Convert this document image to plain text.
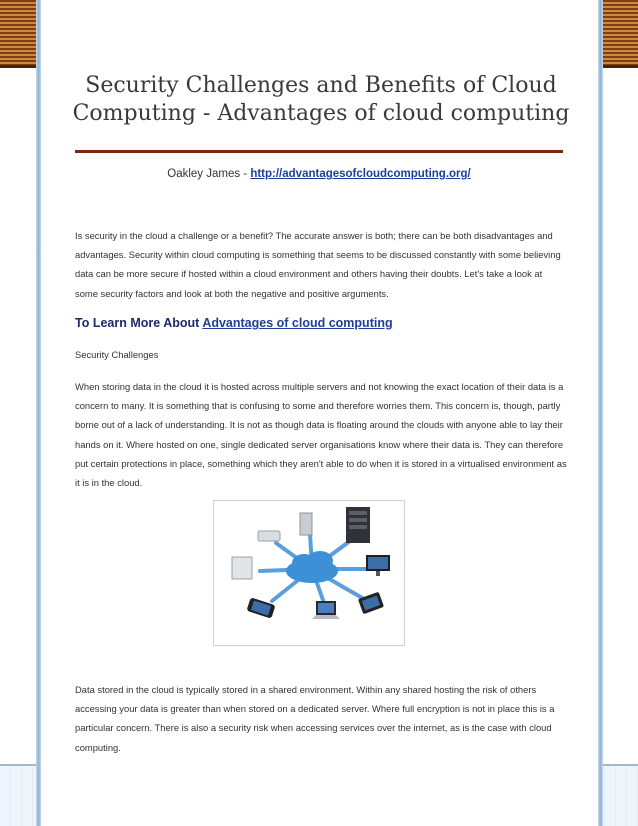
Security Challenges and Benefits of Cloud
Computing - Advantages of cloud computing
Oakley James - http://advantagesofcloudcomputing.org/

Is security in the cloud a challenge or a benefit? The accurate answer is both; there can be both disadvantages and advantages. Security within cloud computing is something that seems to be discussed constantly with some believing data can be more secure if hosted within a cloud environment and others having their doubts. Let's take a look at some security factors and look at both the negative and positive arguments.

To Learn More About Advantages of cloud computing
Security Challenges

When storing data in the cloud it is hosted across multiple servers and not knowing the exact location of their data is a concern to many. It is something that is confusing to some and therefore worries them. This concern is, though, partly borne out of a lack of understanding. It is not as though data is floating around the clouds with anyone able to lay their hands on it. Where hosted on one, single dedicated server organisations know where their data is. They can therefore put certain protections in place, something which they aren't able to do when it is stored in a virtualised environment as it is in the cloud.

Data stored in the cloud is typically stored in a shared environment. Within any shared hosting the risk of others accessing your data is greater than when stored on a dedicated server. Where full encryption is not in place this is a particular concern. There is also a security risk when accessing services over the internet, as is the case with cloud computing.
